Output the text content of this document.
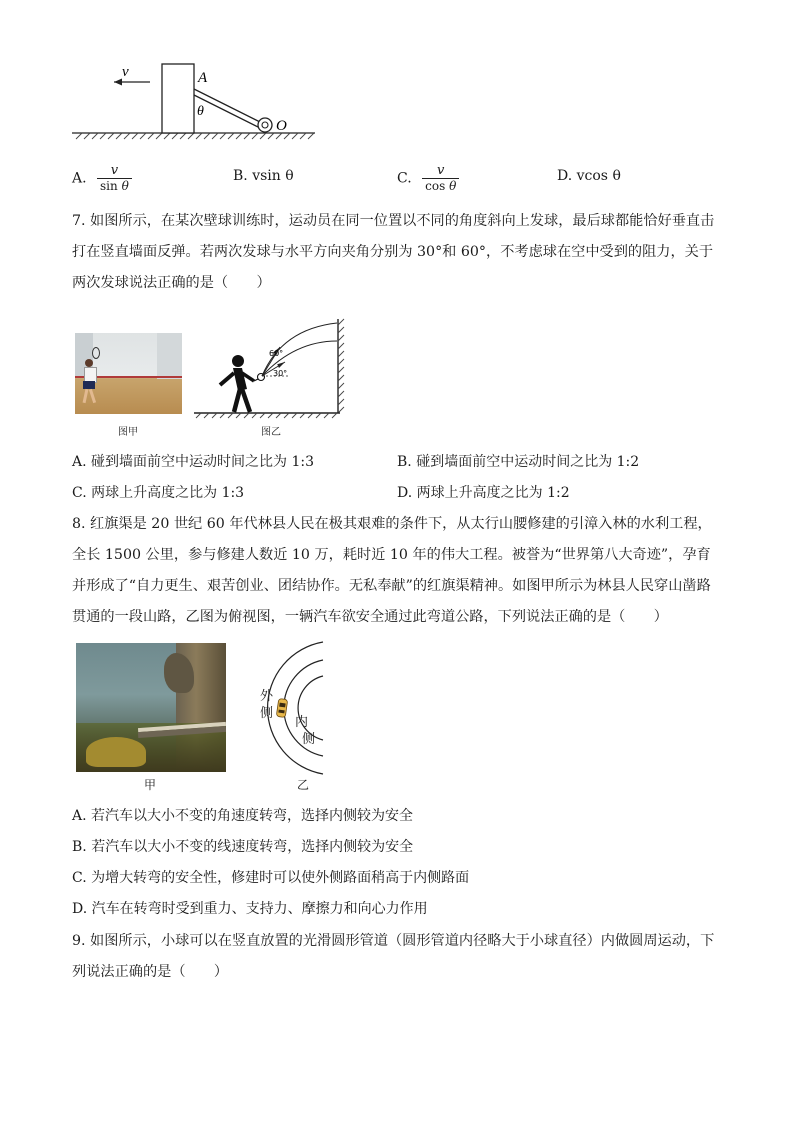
v	A
θ
O
A. $\frac{v}{\text{sin θ}}$	B. vsin θ	C. $\frac{v}{\text{cos θ}}$	D. vcos θ
7. 如图所示，在某次壁球训练时，运动员在同一位置以不同的角度斜向上发球，最后球都能恰好垂直击打在竖直墙面反弹。若两次发球与水平方向夹角分别为 30°和 60°，不考虑球在空中受到的阻力，关于两次发球说法正确的是（　　）
图甲
60°
30°
图乙
A. 碰到墙面前空中运动时间之比为 1:3	B. 碰到墙面前空中运动时间之比为 1:2
C. 两球上升高度之比为 1:3	D. 两球上升高度之比为 1:2
8. 红旗渠是 20 世纪 60 年代林县人民在极其艰难的条件下，从太行山腰修建的引漳入林的水利工程，全长 1500 公里，参与修建人数近 10 万，耗时近 10 年的伟大工程。被誉为“世界第八大奇迹”，孕育并形成了“自力更生、艰苦创业、团结协作。无私奉献”的红旗渠精神。如图甲所示为林县人民穿山凿路贯通的一段山路，乙图为俯视图，一辆汽车欲安全通过此弯道公路，下列说法正确的是（　　）
甲
外侧
内侧
乙
A. 若汽车以大小不变的角速度转弯，选择内侧较为安全
B. 若汽车以大小不变的线速度转弯，选择内侧较为安全
C. 为增大转弯的安全性，修建时可以使外侧路面稍高于内侧路面
D. 汽车在转弯时受到重力、支持力、摩擦力和向心力作用
9. 如图所示，小球可以在竖直放置的光滑圆形管道（圆形管道内径略大于小球直径）内做圆周运动，下列说法正确的是（　　）
